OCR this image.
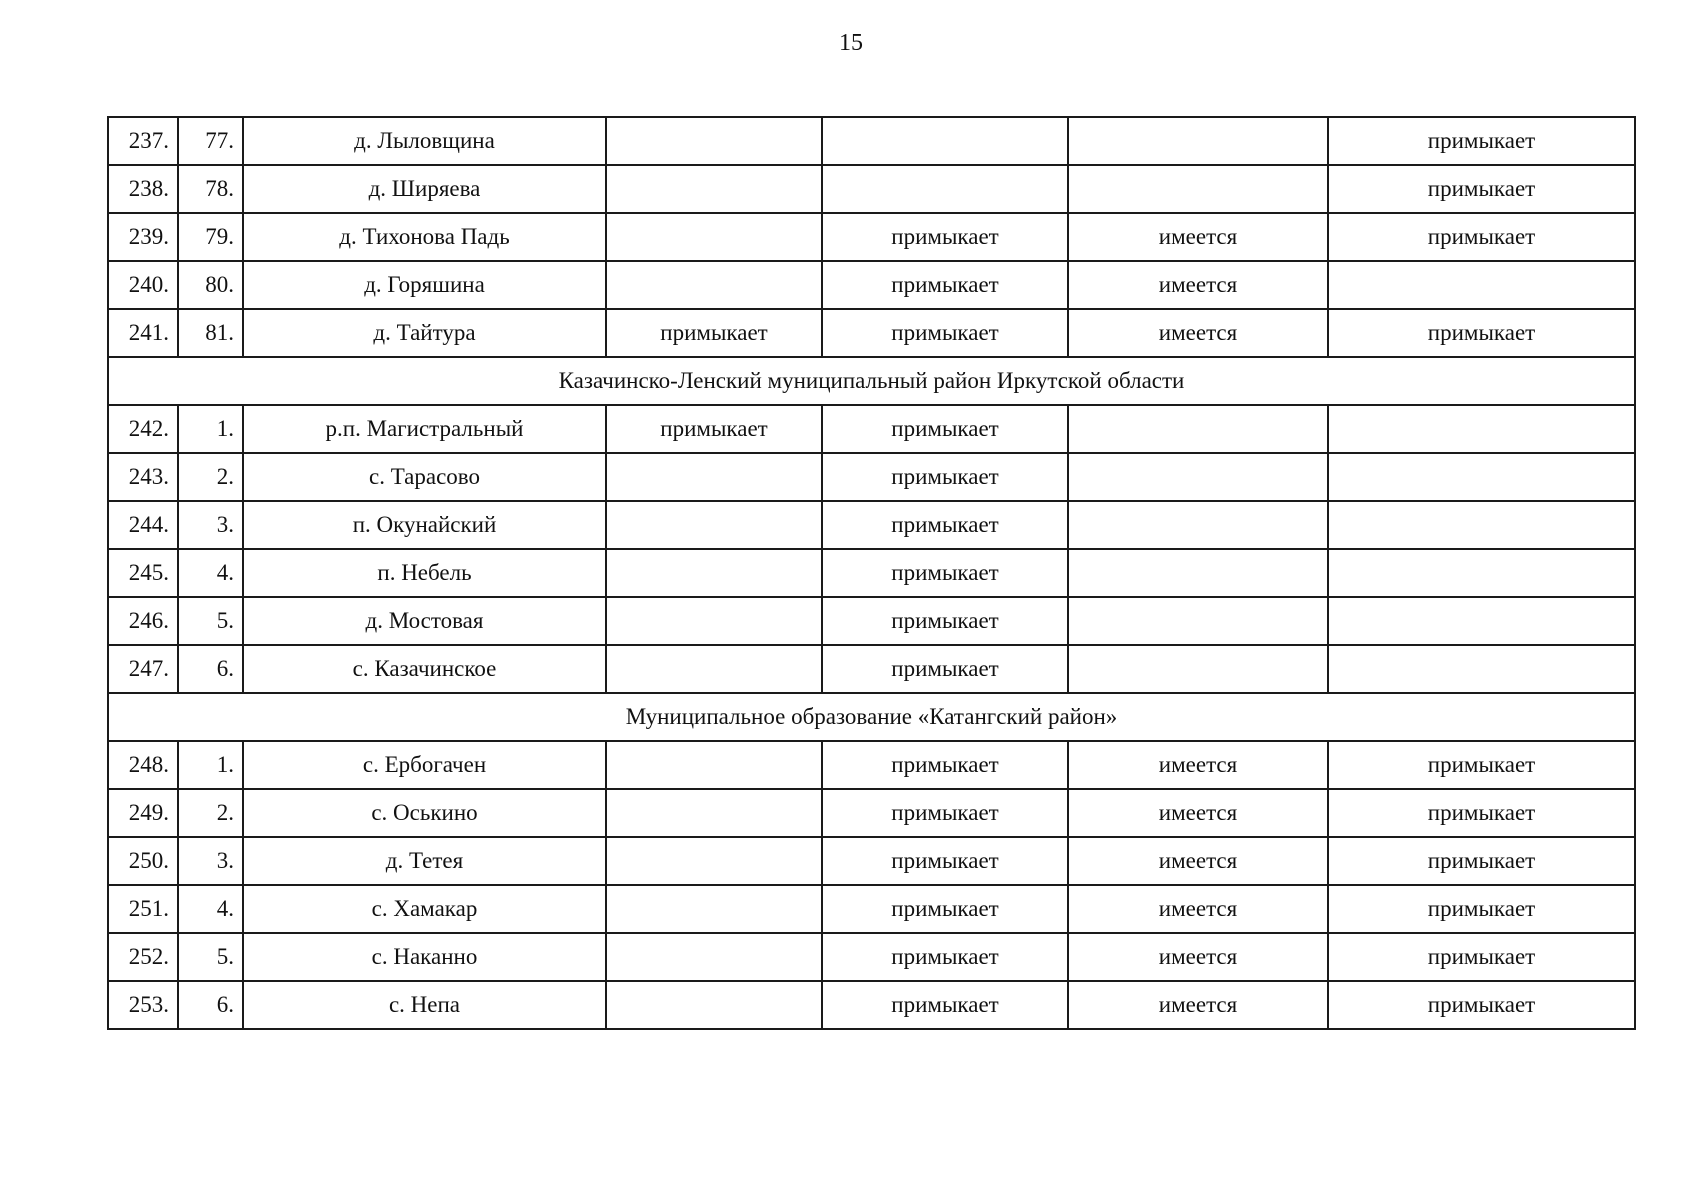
15
237.	77.	д. Лыловщина				примыкает
238.	78.	д. Ширяева				примыкает
239.	79.	д. Тихонова Падь		примыкает	имеется	примыкает
240.	80.	д. Горяшина		примыкает	имеется	
241.	81.	д. Тайтура	примыкает	примыкает	имеется	примыкает
Казачинско-Ленский муниципальный район Иркутской области						
242.	1.	р.п. Магистральный	примыкает	примыкает		
243.	2.	с. Тарасово		примыкает		
244.	3.	п. Окунайский		примыкает		
245.	4.	п. Небель		примыкает		
246.	5.	д. Мостовая		примыкает		
247.	6.	с. Казачинское		примыкает		
Муниципальное образование «Катангский район»						
248.	1.	с. Ербогачен		примыкает	имеется	примыкает
249.	2.	с. Оськино		примыкает	имеется	примыкает
250.	3.	д. Тетея		примыкает	имеется	примыкает
251.	4.	с. Хамакар		примыкает	имеется	примыкает
252.	5.	с. Наканно		примыкает	имеется	примыкает
253.	6.	с. Непа		примыкает	имеется	примыкает
